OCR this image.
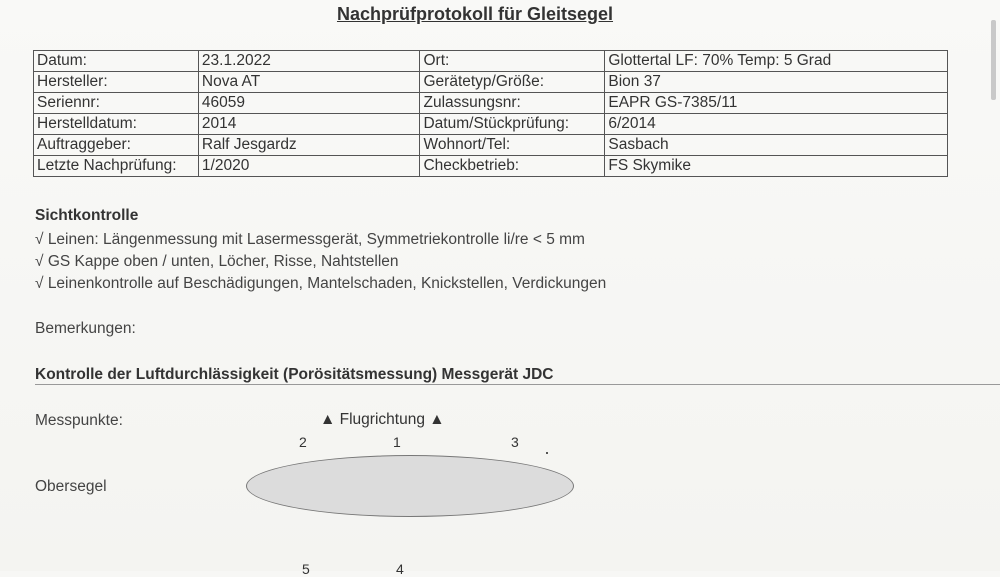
Nachprüfprotokoll für Gleitsegel
Datum:	23.1.2022	Ort:	Glottertal LF: 70% Temp: 5 Grad
Hersteller:	Nova AT	Gerätetyp/Größe:	Bion 37
Seriennr:	46059	Zulassungsnr:	EAPR GS-7385/11
Herstelldatum:	2014	Datum/Stückprüfung:	6/2014
Auftraggeber:	Ralf Jesgardz	Wohnort/Tel:	Sasbach
Letzte Nachprüfung:	1/2020	Checkbetrieb:	FS Skymike
Sichtkontrolle
√ Leinen: Längenmessung mit Lasermessgerät, Symmetriekontrolle li/re < 5 mm
√ GS Kappe oben / unten, Löcher, Risse, Nahtstellen
√ Leinenkontrolle auf Beschädigungen, Mantelschaden, Knickstellen, Verdickungen
Bemerkungen:
Kontrolle der Luftdurchlässigkeit (Porösitätsmessung) Messgerät JDC
Messpunkte:	▲ Flugrichtung ▲
2	1	3
Obersegel
5	4
